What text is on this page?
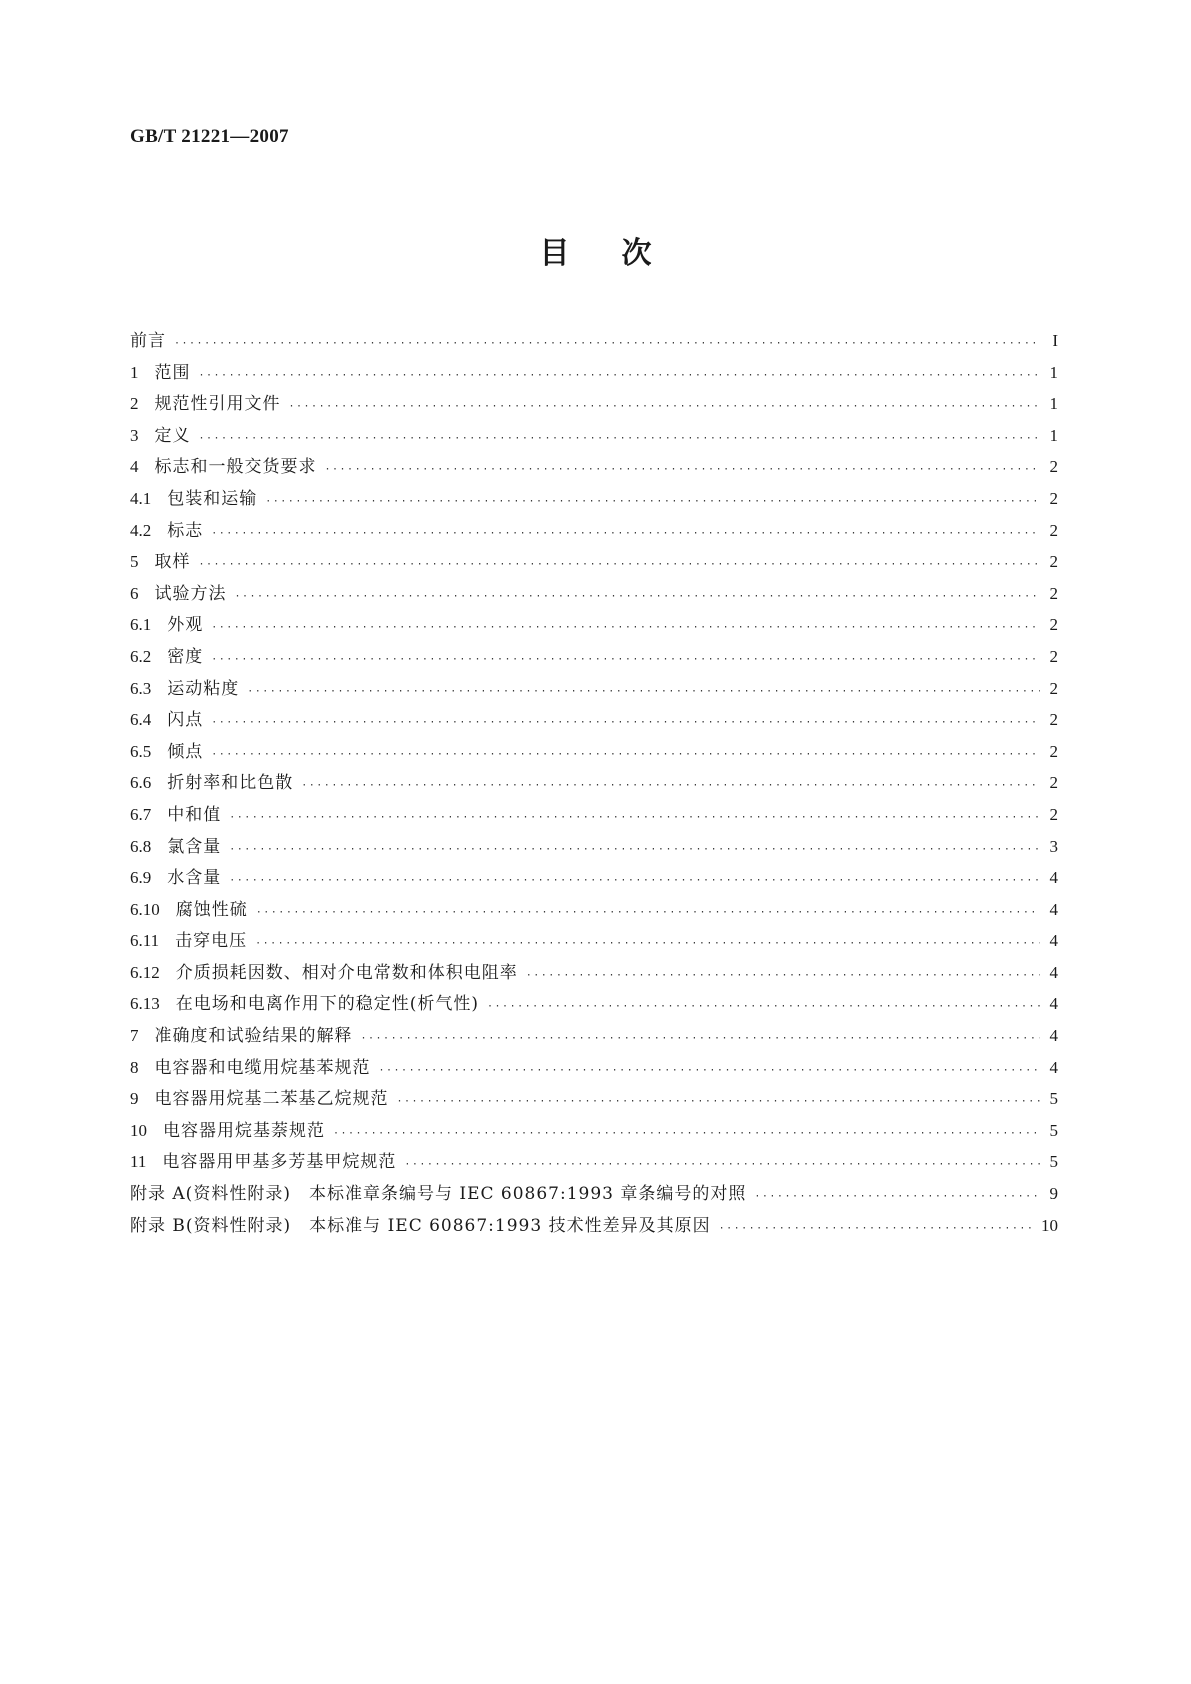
GB/T 21221—2007
目次
前言 ·····	I
1 范围 ·····	1
2 规范性引用文件 ·····	1
3 定义 ·····	1
4 标志和一般交货要求 ·····	2
4.1 包装和运输 ·····	2
4.2 标志 ·····	2
5 取样 ·····	2
6 试验方法 ·····	2
6.1 外观 ·····	2
6.2 密度 ·····	2
6.3 运动粘度 ·····	2
6.4 闪点 ·····	2
6.5 倾点 ·····	2
6.6 折射率和比色散 ·····	2
6.7 中和值 ·····	2
6.8 氯含量 ·····	3
6.9 水含量 ·····	4
6.10 腐蚀性硫 ·····	4
6.11 击穿电压 ·····	4
6.12 介质损耗因数、相对介电常数和体积电阻率 ·····	4
6.13 在电场和电离作用下的稳定性(析气性) ·····	4
7 准确度和试验结果的解释 ·····	4
8 电容器和电缆用烷基苯规范 ·····	4
9 电容器用烷基二苯基乙烷规范 ·····	5
10 电容器用烷基萘规范 ·····	5
11 电容器用甲基多芳基甲烷规范 ·····	5
附录 A(资料性附录)　本标准章条编号与 IEC 60867:1993 章条编号的对照 ·····	9
附录 B(资料性附录)　本标准与 IEC 60867:1993 技术性差异及其原因 ·····	10
